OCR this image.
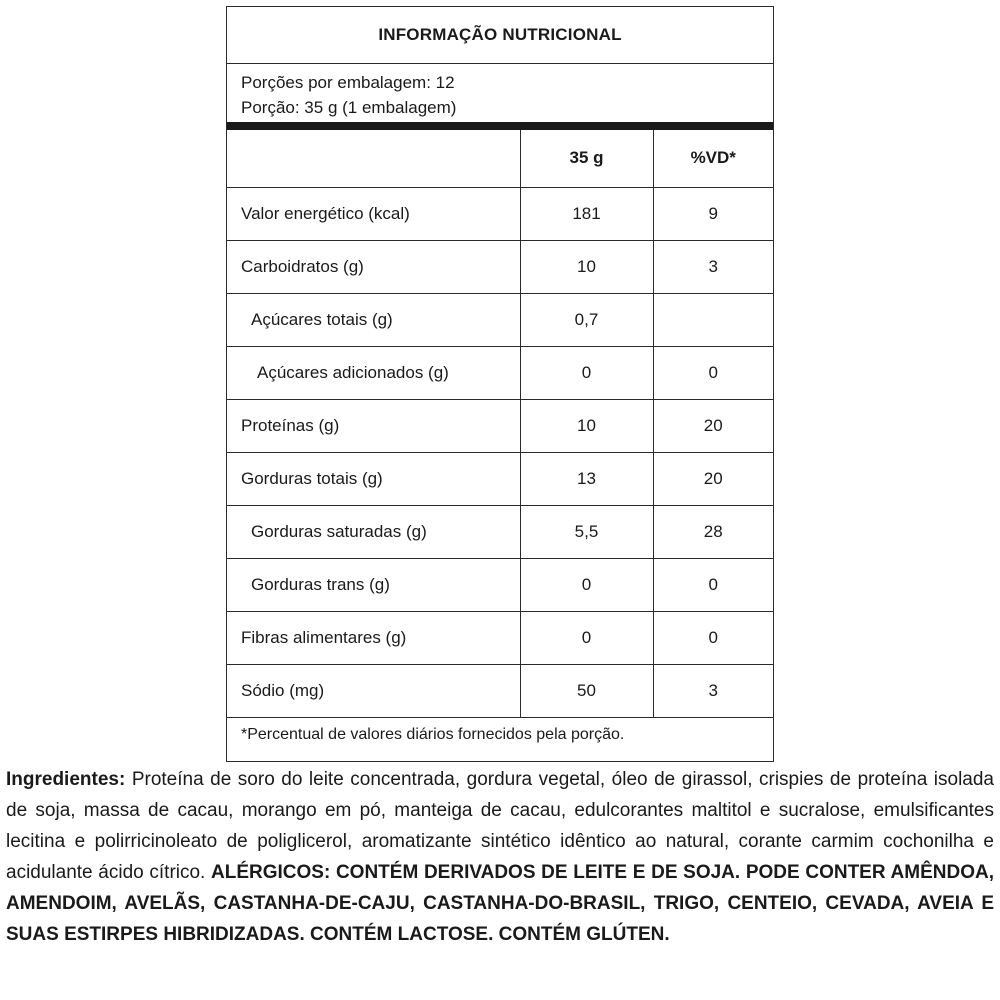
INFORMAÇÃO NUTRICIONAL
Porções por embalagem: 12
Porção: 35 g (1 embalagem)
	35 g	%VD*
Valor energético (kcal)	181	9
Carboidratos (g)	10	3
Açúcares totais (g)	0,7	
Açúcares adicionados (g)	0	0
Proteínas (g)	10	20
Gorduras totais (g)	13	20
Gorduras saturadas (g)	5,5	28
Gorduras trans (g)	0	0
Fibras alimentares (g)	0	0
Sódio (mg)	50	3
*Percentual de valores diários fornecidos pela porção.
Ingredientes: Proteína de soro do leite concentrada, gordura vegetal, óleo de girassol, crispies de proteína isolada de soja, massa de cacau, morango em pó, manteiga de cacau, edulcorantes maltitol e sucralose, emulsificantes lecitina e polirricinoleato de poliglicerol, aromatizante sintético idêntico ao natural, corante carmim cochonilha e acidulante ácido cítrico. ALÉRGICOS: CONTÉM DERIVADOS DE LEITE E DE SOJA. PODE CONTER AMÊNDOA, AMENDOIM, AVELÃS, CASTANHA-DE-CAJU, CASTANHA-DO-BRASIL, TRIGO, CENTEIO, CEVADA, AVEIA E SUAS ESTIRPES HIBRIDIZADAS. CONTÉM LACTOSE. CONTÉM GLÚTEN.
